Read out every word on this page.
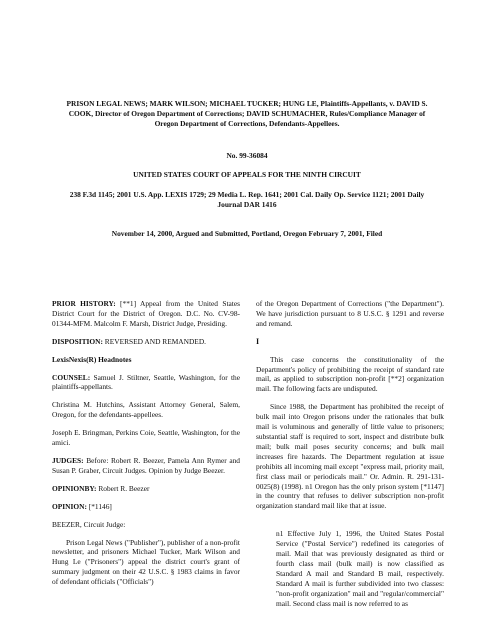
PRISON LEGAL NEWS; MARK WILSON; MICHAEL TUCKER; HUNG LE, Plaintiffs-Appellants, v. DAVID S. COOK, Director of Oregon Department of Corrections; DAVID SCHUMACHER, Rules/Compliance Manager of Oregon Department of Corrections, Defendants-Appellees.
No. 99-36084
UNITED STATES COURT OF APPEALS FOR THE NINTH CIRCUIT
238 F.3d 1145; 2001 U.S. App. LEXIS 1729; 29 Media L. Rep. 1641; 2001 Cal. Daily Op. Service 1121; 2001 Daily Journal DAR 1416
November 14, 2000, Argued and Submitted, Portland, Oregon February 7, 2001, Filed

PRIOR HISTORY: [**1] Appeal from the United States District Court for the District of Oregon. D.C. No. CV-98-01344-MFM. Malcolm F. Marsh, District Judge, Presiding.

DISPOSITION: REVERSED AND REMANDED.

LexisNexis(R) Headnotes

COUNSEL: Samuel J. Stiltner, Seattle, Washington, for the plaintiffs-appellants.

Christina M. Hutchins, Assistant Attorney General, Salem, Oregon, for the defendants-appellees.

Joseph E. Bringman, Perkins Coie, Seattle, Washington, for the amici.

JUDGES: Before: Robert R. Beezer, Pamela Ann Rymer and Susan P. Graber, Circuit Judges. Opinion by Judge Beezer.

OPINIONBY: Robert R. Beezer

OPINION: [*1146]

BEEZER, Circuit Judge:

Prison Legal News ("Publisher"), publisher of a non-profit newsletter, and prisoners Michael Tucker, Mark Wilson and Hung Le ("Prisoners") appeal the district court's grant of summary judgment on their 42 U.S.C. § 1983 claims in favor of defendant officials ("Officials")

of the Oregon Department of Corrections ("the Department"). We have jurisdiction pursuant to 8 U.S.C. § 1291 and reverse and remand.

I

This case concerns the constitutionality of the Department's policy of prohibiting the receipt of standard rate mail, as applied to subscription non-profit [**2] organization mail. The following facts are undisputed.

Since 1988, the Department has prohibited the receipt of bulk mail into Oregon prisons under the rationales that bulk mail is voluminous and generally of little value to prisoners; substantial staff is required to sort, inspect and distribute bulk mail; bulk mail poses security concerns; and bulk mail increases fire hazards. The Department regulation at issue prohibits all incoming mail except "express mail, priority mail, first class mail or periodicals mail." Or. Admin. R. 291-131-0025(8) (1998). n1 Oregon has the only prison system [*1147] in the country that refuses to deliver subscription non-profit organization standard mail like that at issue.

n1 Effective July 1, 1996, the United States Postal Service ("Postal Service") redefined its categories of mail. Mail that was previously designated as third or fourth class mail (bulk mail) is now classified as Standard A mail and Standard B mail, respectively. Standard A mail is further subdivided into two classes: "non-profit organization" mail and "regular/commercial" mail. Second class mail is now referred to as
